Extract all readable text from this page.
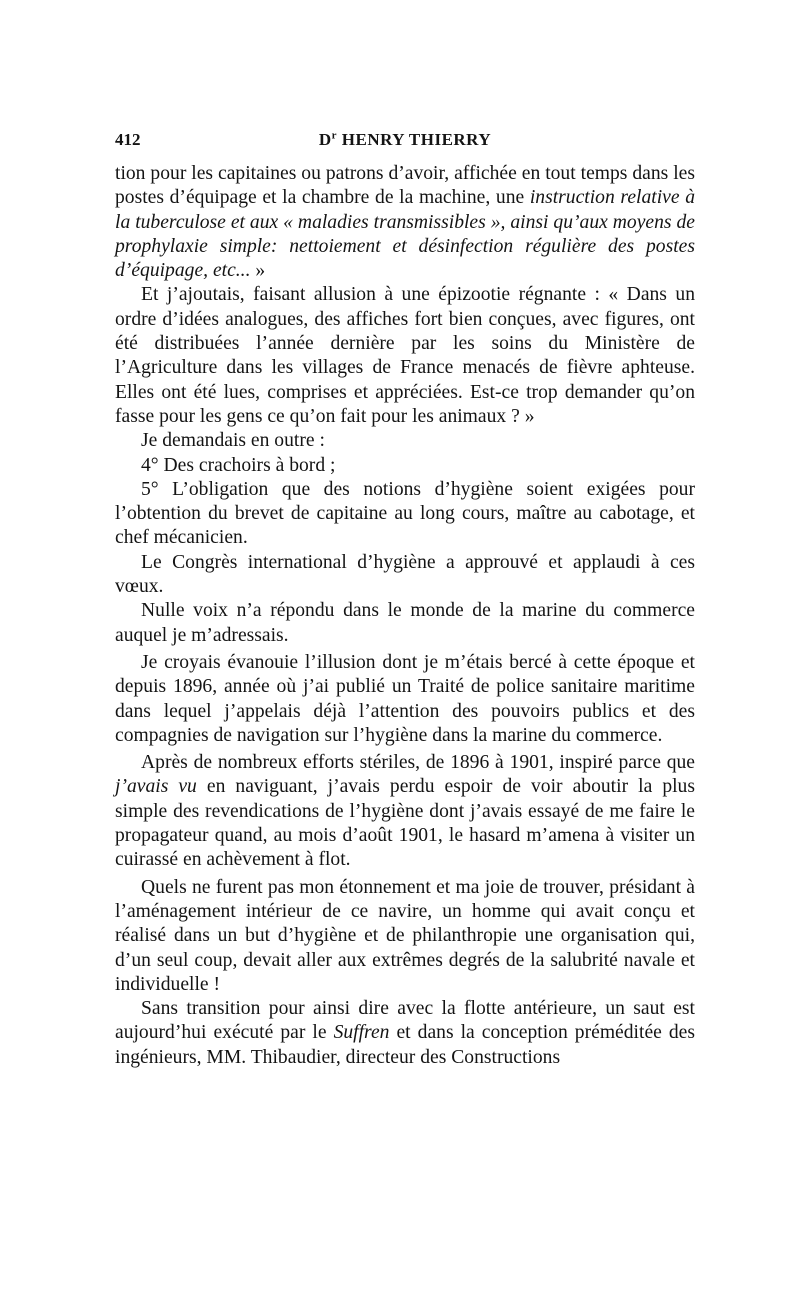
412	$D^r$ HENRY THIERRY

tion pour les capitaines ou patrons d’avoir, affichée en tout temps dans les postes d’équipage et la chambre de la machine, une instruction relative à la tuberculose et aux « maladies transmissibles », ainsi qu’aux moyens de prophylaxie simple: nettoiement et désinfection régulière des postes d’équipage, etc... »

Et j’ajoutais, faisant allusion à une épizootie régnante : « Dans un ordre d’idées analogues, des affiches fort bien conçues, avec figures, ont été distribuées l’année dernière par les soins du Ministère de l’Agriculture dans les villages de France menacés de fièvre aphteuse. Elles ont été lues, comprises et appréciées. Est-ce trop demander qu’on fasse pour les gens ce qu’on fait pour les animaux ? »

Je demandais en outre :

4° Des crachoirs à bord ;

5° L’obligation que des notions d’hygiène soient exigées pour l’obtention du brevet de capitaine au long cours, maître au cabotage, et chef mécanicien.

Le Congrès international d’hygiène a approuvé et applaudi à ces vœux.

Nulle voix n’a répondu dans le monde de la marine du commerce auquel je m’adressais.

Je croyais évanouie l’illusion dont je m’étais bercé à cette époque et depuis 1896, année où j’ai publié un Traité de police sanitaire maritime dans lequel j’appelais déjà l’attention des pouvoirs publics et des compagnies de navigation sur l’hygiène dans la marine du commerce.

Après de nombreux efforts stériles, de 1896 à 1901, inspiré parce que j’avais vu en naviguant, j’avais perdu espoir de voir aboutir la plus simple des revendications de l’hygiène dont j’avais essayé de me faire le propagateur quand, au mois d’août 1901, le hasard m’amena à visiter un cuirassé en achèvement à flot.

Quels ne furent pas mon étonnement et ma joie de trouver, présidant à l’aménagement intérieur de ce navire, un homme qui avait conçu et réalisé dans un but d’hygiène et de philanthropie une organisation qui, d’un seul coup, devait aller aux extrêmes degrés de la salubrité navale et individuelle !

Sans transition pour ainsi dire avec la flotte antérieure, un saut est aujourd’hui exécuté par le Suffren et dans la conception préméditée des ingénieurs, MM. Thibaudier, directeur des Constructions
